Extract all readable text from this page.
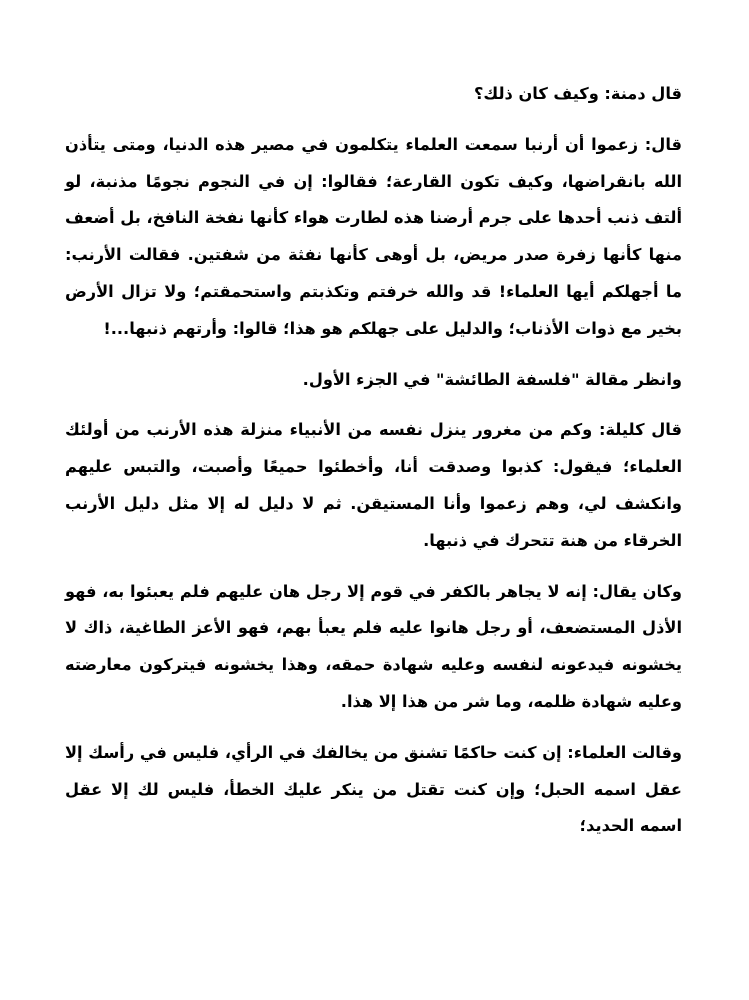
قال دمنة: وكيف كان ذلك؟

قال: زعموا أن أرنبا سمعت العلماء يتكلمون في مصير هذه الدنيا، ومتى يتأذن الله بانقراضها، وكيف تكون القارعة؛ فقالوا: إن في النجوم نجومًا مذنبة، لو ألتف ذنب أحدها على جرم أرضنا هذه لطارت هواء كأنها نفخة النافخ، بل أضعف منها كأنها زفرة صدر مريض، بل أوهى كأنها نفثة من شفتين. فقالت الأرنب: ما أجهلكم أيها العلماء! قد والله خرفتم وتكذبتم واستحمقتم؛ ولا تزال الأرض بخير مع ذوات الأذناب؛ والدليل على جهلكم هو هذا؛ قالوا: وأرتهم ذنبها...!

وانظر مقالة "فلسفة الطائشة" في الجزء الأول.

قال كليلة: وكم من مغرور ينزل نفسه من الأنبياء منزلة هذه الأرنب من أولئك العلماء؛ فيقول: كذبوا وصدقت أنا، وأخطئوا حميعًا وأصبت، والتبس عليهم وانكشف لي، وهم زعموا وأنا المستيقن. ثم لا دليل له إلا مثل دليل الأرنب الخرقاء من هنة تتحرك في ذنبها.

وكان يقال: إنه لا يجاهر بالكفر في قوم إلا رجل هان عليهم فلم يعبئوا به، فهو الأذل المستضعف، أو رجل هانوا عليه فلم يعبأ بهم، فهو الأعز الطاغية، ذاك لا يخشونه فيدعونه لنفسه وعليه شهادة حمقه، وهذا يخشونه فيتركون معارضته وعليه شهادة ظلمه، وما شر من هذا إلا هذا.

وقالت العلماء: إن كنت حاكمًا تشنق من يخالفك في الرأي، فليس في رأسك إلا عقل اسمه الحبل؛ وإن كنت تقتل من ينكر عليك الخطأ، فليس لك إلا عقل اسمه الحديد؛
